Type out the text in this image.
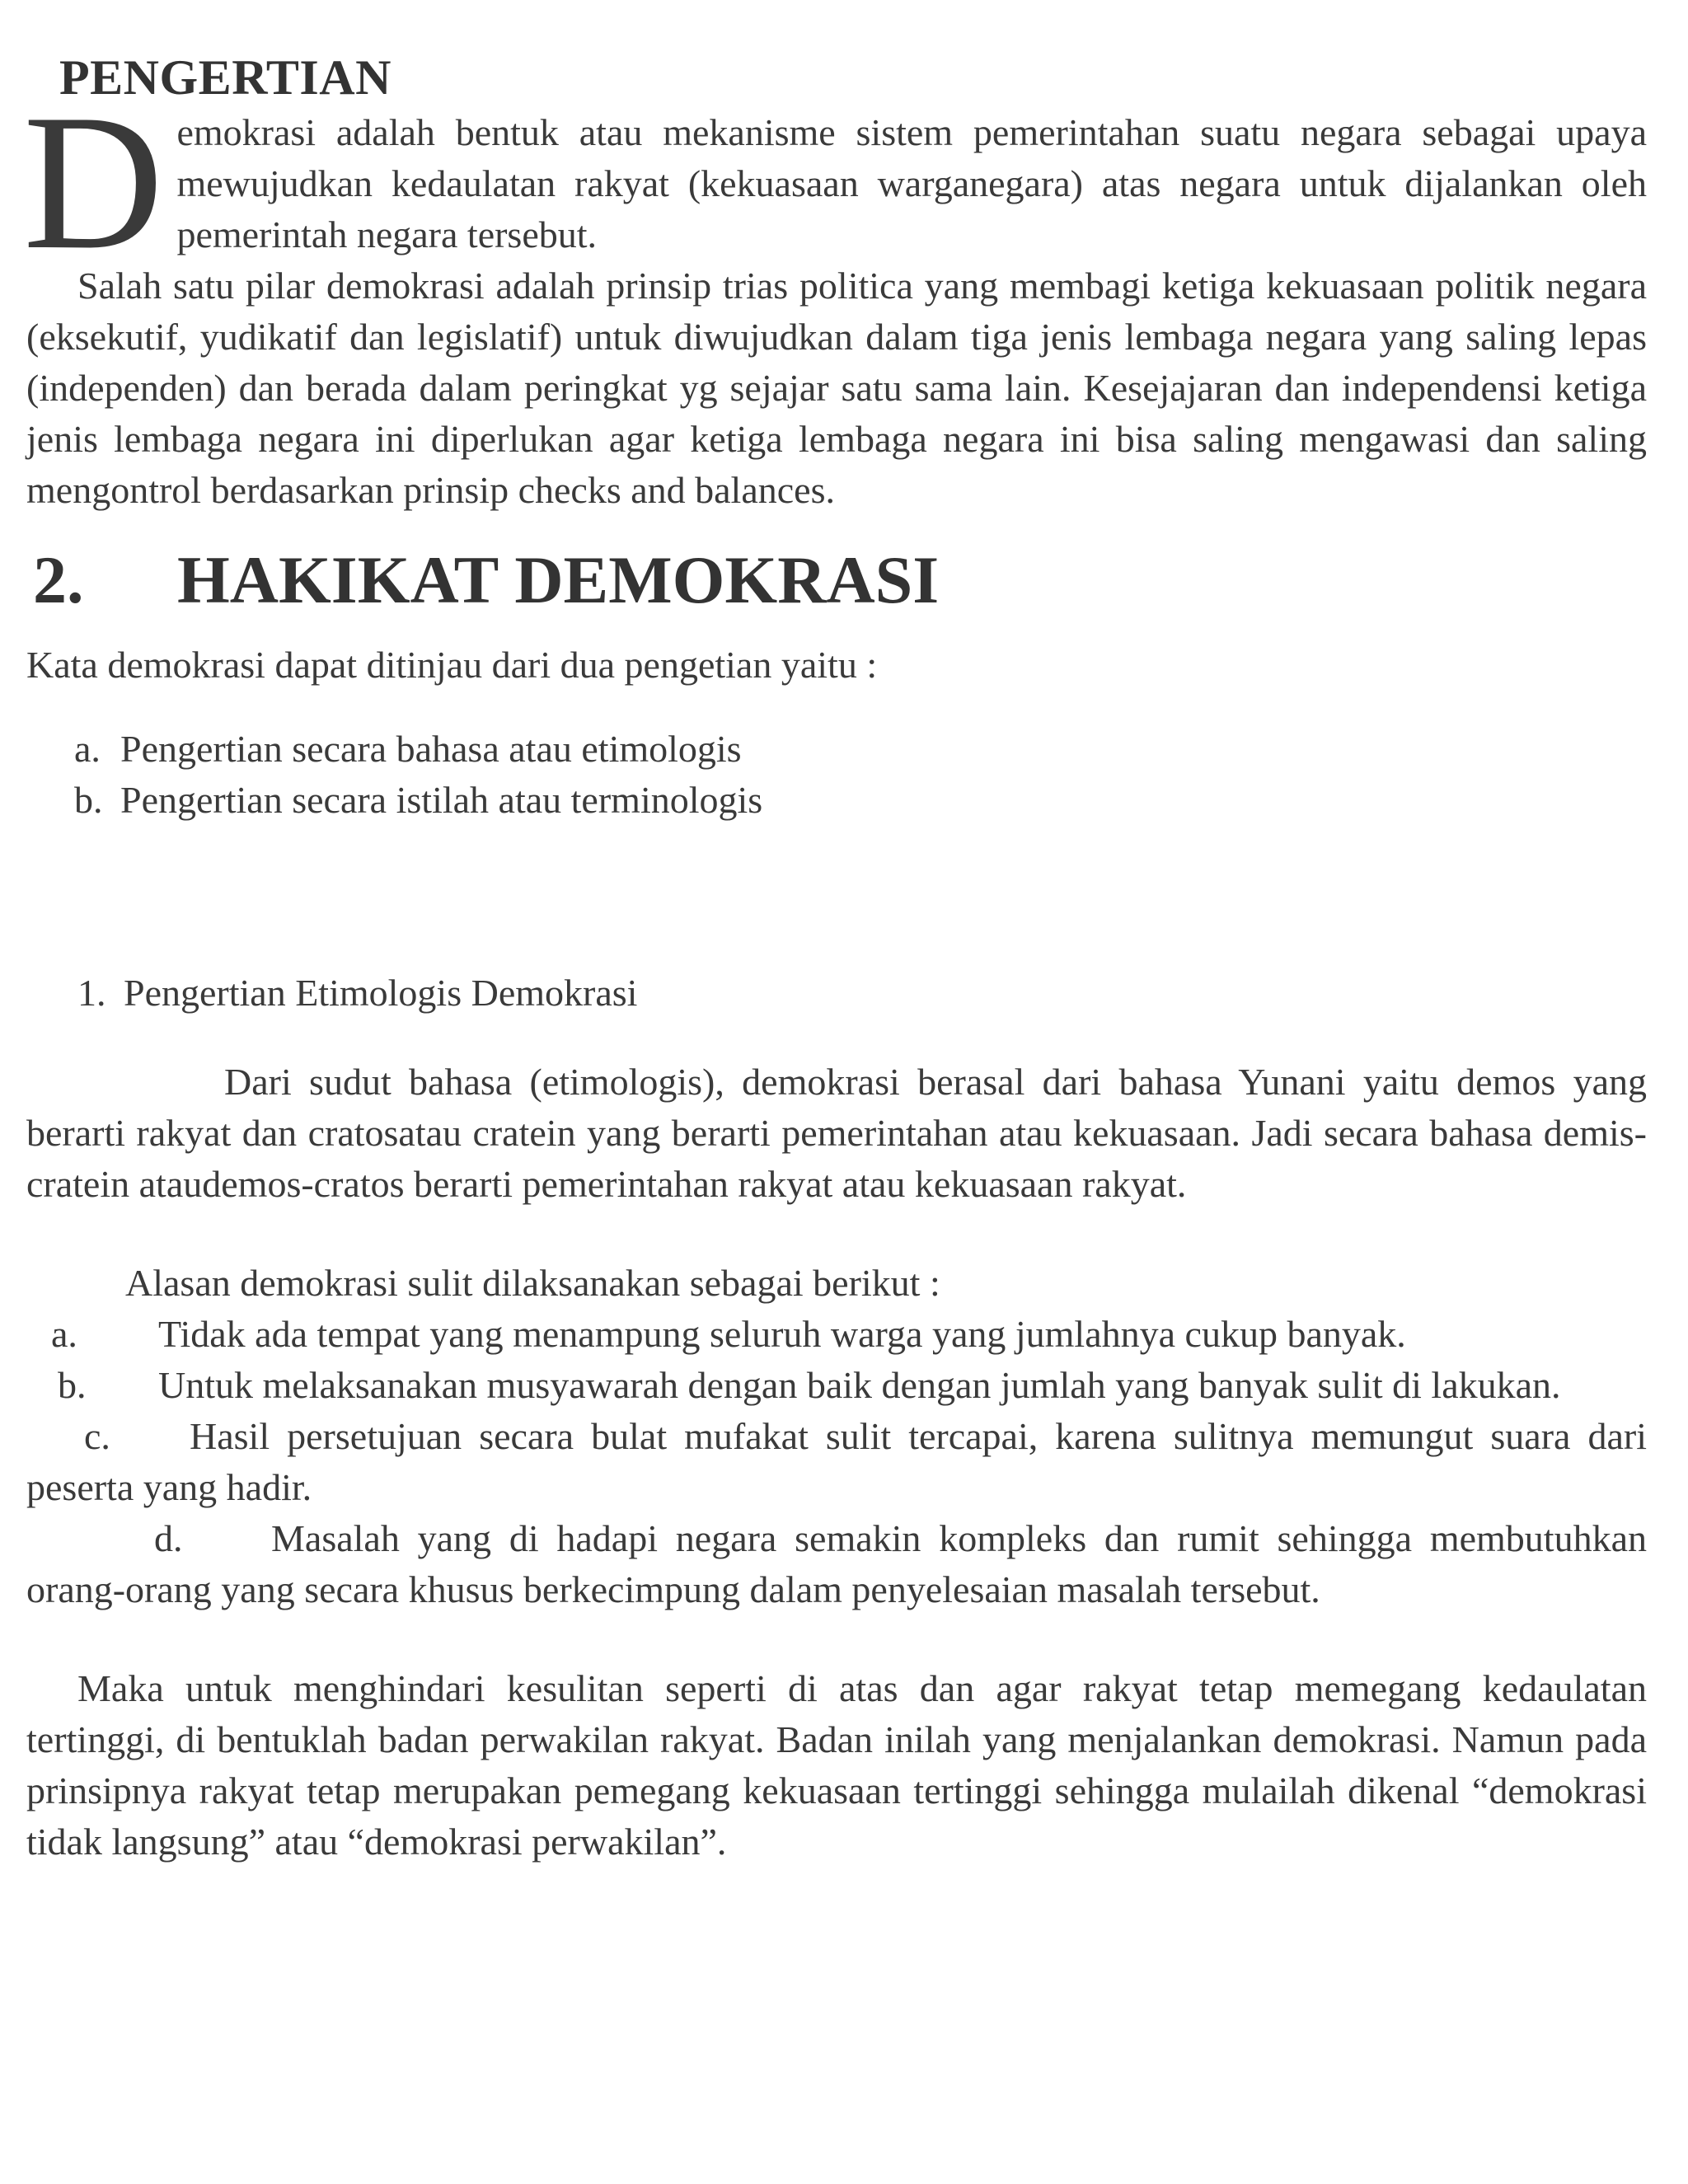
PENGERTIAN
D emokrasi adalah bentuk atau mekanisme sistem pemerintahan suatu negara sebagai upaya mewujudkan kedaulatan rakyat (kekuasaan warganegara) atas negara untuk dijalankan oleh pemerintah negara tersebut.

Salah satu pilar demokrasi adalah prinsip trias politica yang membagi ketiga kekuasaan politik negara (eksekutif, yudikatif dan legislatif) untuk diwujudkan dalam tiga jenis lembaga negara yang saling lepas (independen) dan berada dalam peringkat yg sejajar satu sama lain. Kesejajaran dan independensi ketiga jenis lembaga negara ini diperlukan agar ketiga lembaga negara ini bisa saling mengawasi dan saling mengontrol berdasarkan prinsip checks and balances.

2. HAKIKAT DEMOKRASI

Kata demokrasi dapat ditinjau dari dua pengetian yaitu :

a. Pengertian secara bahasa atau etimologis
b. Pengertian secara istilah atau terminologis
1. Pengertian Etimologis Demokrasi

Dari sudut bahasa (etimologis), demokrasi berasal dari bahasa Yunani yaitu demos yang berarti rakyat dan cratosatau cratein yang berarti pemerintahan atau kekuasaan. Jadi secara bahasa demis-cratein ataudemos-cratos berarti pemerintahan rakyat atau kekuasaan rakyat.

Alasan demokrasi sulit dilaksanakan sebagai berikut :

a. Tidak ada tempat yang menampung seluruh warga yang jumlahnya cukup banyak.

b. Untuk melaksanakan musyawarah dengan baik dengan jumlah yang banyak sulit di lakukan.

c. Hasil persetujuan secara bulat mufakat sulit tercapai, karena sulitnya memungut suara dari peserta yang hadir.

d. Masalah yang di hadapi negara semakin kompleks dan rumit sehingga membutuhkan orang-orang yang secara khusus berkecimpung dalam penyelesaian masalah tersebut.

Maka untuk menghindari kesulitan seperti di atas dan agar rakyat tetap memegang kedaulatan tertinggi, di bentuklah badan perwakilan rakyat. Badan inilah yang menjalankan demokrasi. Namun pada prinsipnya rakyat tetap merupakan pemegang kekuasaan tertinggi sehingga mulailah dikenal “demokrasi tidak langsung” atau “demokrasi perwakilan”.
